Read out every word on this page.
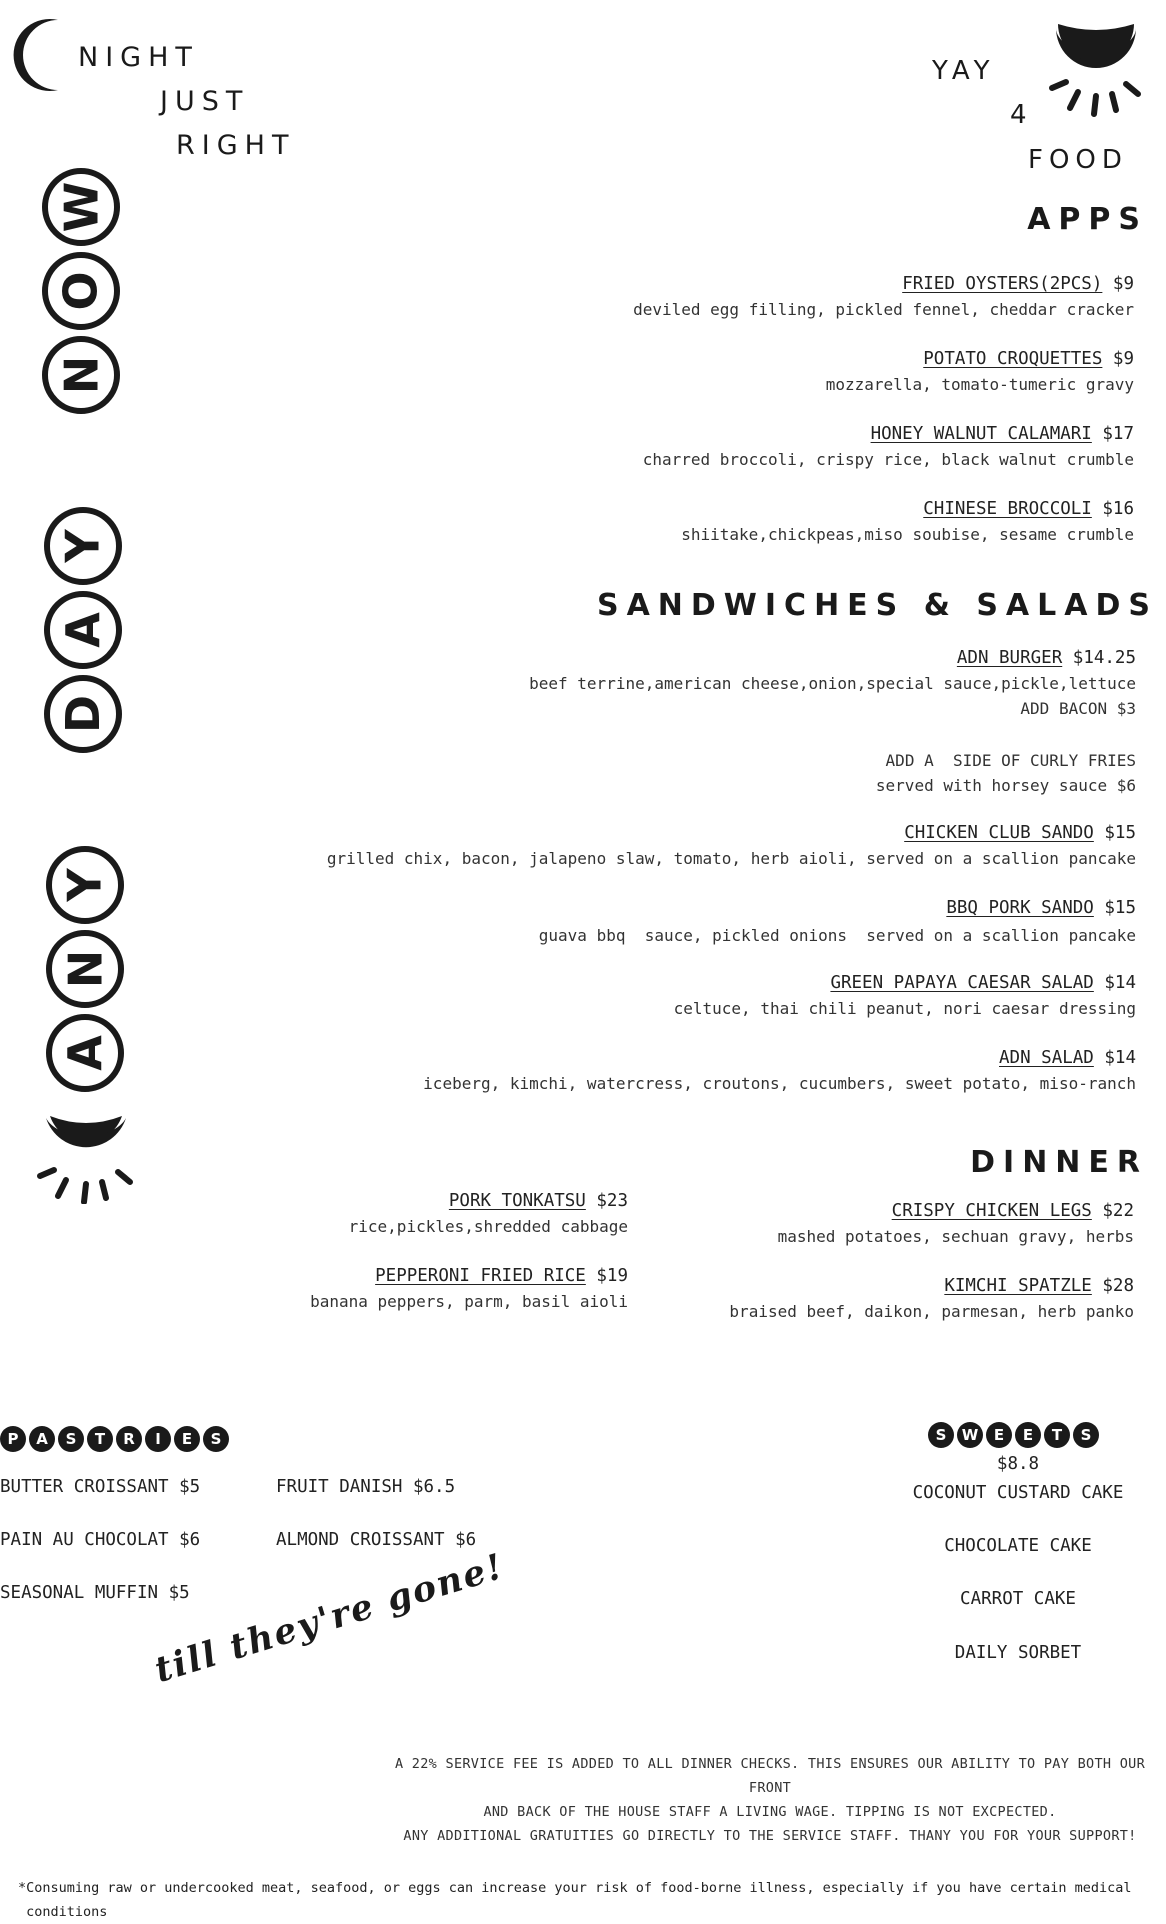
NIGHT
JUST
RIGHT
YAY
4
FOOD
W
O
N
Y
A
D
Y
N
A
APPS
FRIED OYSTERS(2PCS) $9
deviled egg filling, pickled fennel, cheddar cracker
POTATO CROQUETTES $9
mozzarella, tomato-tumeric gravy
HONEY WALNUT CALAMARI $17
charred broccoli, crispy rice, black walnut crumble
CHINESE BROCCOLI $16
shiitake,chickpeas,miso soubise, sesame crumble
SANDWICHES & SALADS
ADN BURGER $14.25
beef terrine,american cheese,onion,special sauce,pickle,lettuce
ADD BACON $3
ADD A  SIDE OF CURLY FRIES
served with horsey sauce $6
CHICKEN CLUB SANDO $15
grilled chix, bacon, jalapeno slaw, tomato, herb aioli, served on a scallion pancake
BBQ PORK SANDO $15
guava bbq  sauce, pickled onions  served on a scallion pancake
GREEN PAPAYA CAESAR SALAD $14
celtuce, thai chili peanut, nori caesar dressing
ADN SALAD $14
iceberg, kimchi, watercress, croutons, cucumbers, sweet potato, miso-ranch
DINNER
CRISPY CHICKEN LEGS $22
mashed potatoes, sechuan gravy, herbs
KIMCHI SPATZLE $28
braised beef, daikon, parmesan, herb panko
PORK TONKATSU $23
rice,pickles,shredded cabbage
PEPPERONI FRIED RICE $19
banana peppers, parm, basil aioli
P	A	S	T	R	I	E	S
BUTTER CROISSANT $5
PAIN AU CHOCOLAT $6
SEASONAL MUFFIN $5
FRUIT DANISH $6.5
ALMOND CROISSANT $6
S	W	E	E	T	S
$8.8
COCONUT CUSTARD CAKE
CHOCOLATE CAKE
CARROT CAKE
DAILY SORBET
till they're gone!
A 22% SERVICE FEE IS ADDED TO ALL DINNER CHECKS. THIS ENSURES OUR ABILITY TO PAY BOTH OUR FRONT
AND BACK OF THE HOUSE STAFF A LIVING WAGE. TIPPING IS NOT EXCPECTED.
ANY ADDITIONAL GRATUITIES GO DIRECTLY TO THE SERVICE STAFF. THANY YOU FOR YOUR SUPPORT!
*Consuming raw or undercooked meat, seafood, or eggs can increase your risk of food-borne illness, especially if you have certain medical
conditions
